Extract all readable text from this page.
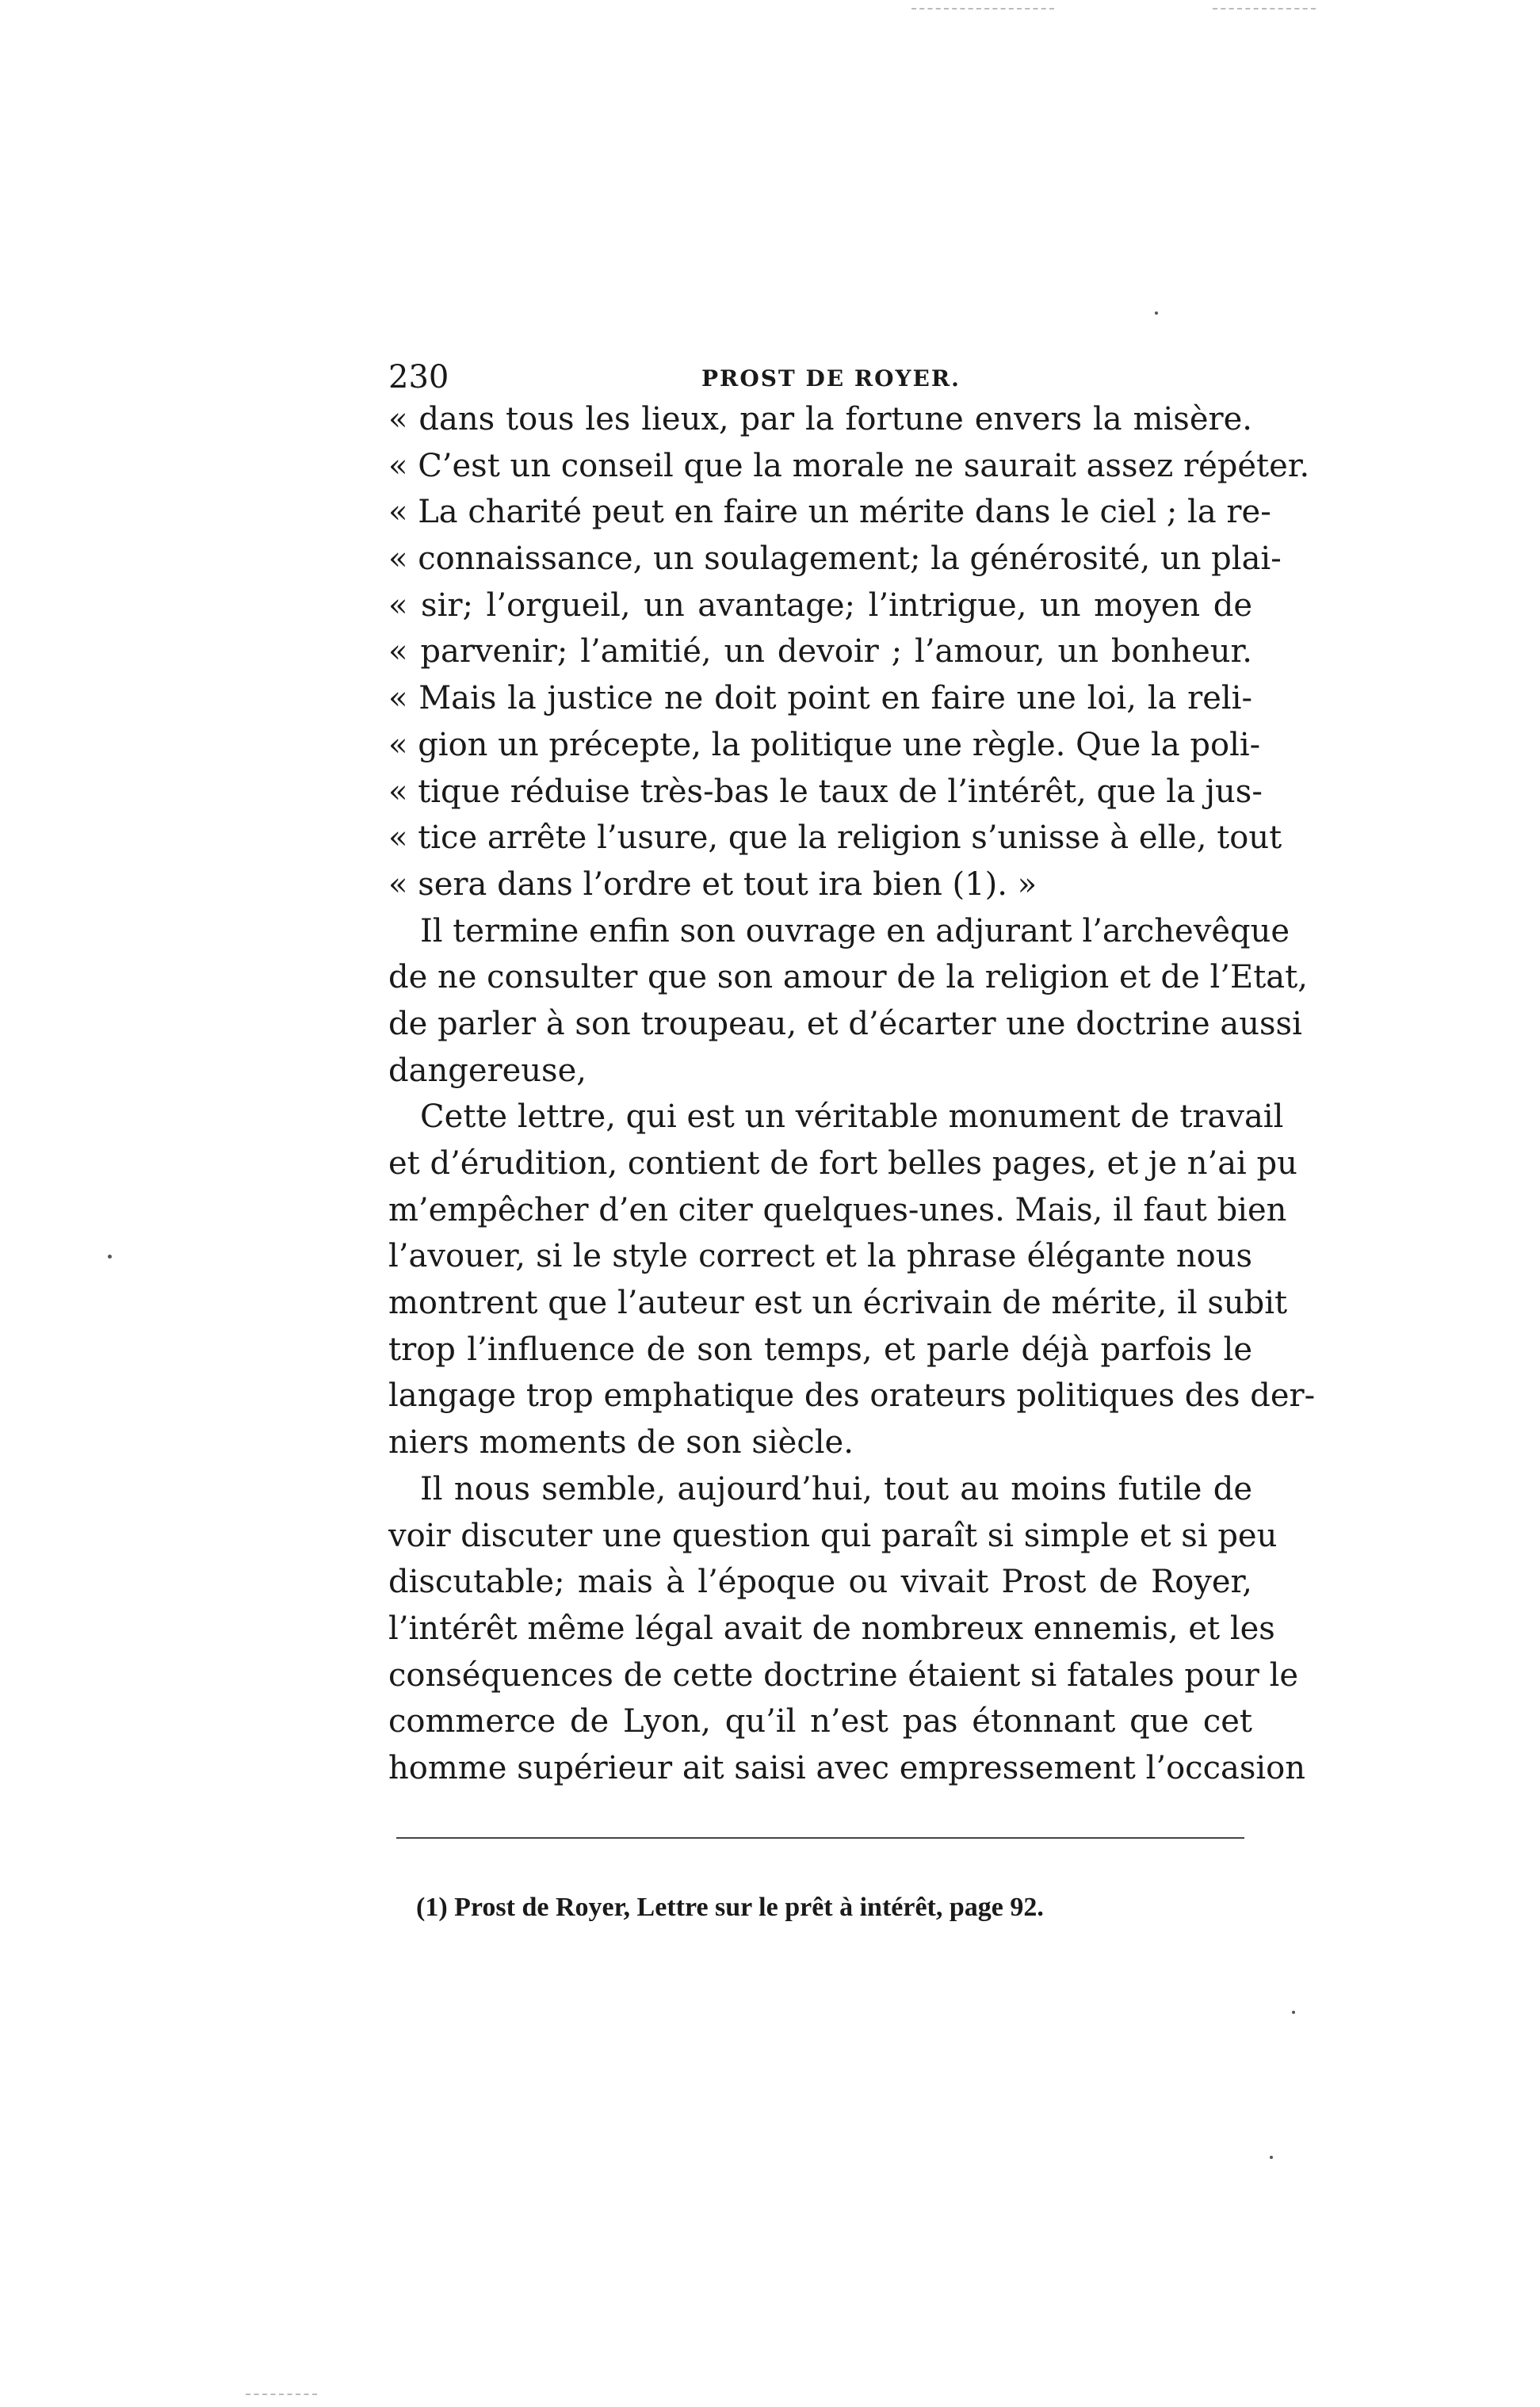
230	PROST DE ROYER.
« dans tous les lieux, par la fortune envers la misère.
« C’est un conseil que la morale ne saurait assez répéter.
« La charité peut en faire un mérite dans le ciel ; la re-
« connaissance, un soulagement; la générosité, un plai-
« sir; l’orgueil, un avantage; l’intrigue, un moyen de
« parvenir; l’amitié, un devoir ; l’amour, un bonheur.
« Mais la justice ne doit point en faire une loi, la reli-
« gion un précepte, la politique une règle. Que la poli-
« tique réduise très-bas le taux de l’intérêt, que la jus-
« tice arrête l’usure, que la religion s’unisse à elle, tout
« sera dans l’ordre et tout ira bien (1). »
Il termine enfin son ouvrage en adjurant l’archevêque
de ne consulter que son amour de la religion et de l’Etat,
de parler à son troupeau, et d’écarter une doctrine aussi
dangereuse,
Cette lettre, qui est un véritable monument de travail
et d’érudition, contient de fort belles pages, et je n’ai pu
m’empêcher d’en citer quelques-unes. Mais, il faut bien
l’avouer, si le style correct et la phrase élégante nous
montrent que l’auteur est un écrivain de mérite, il subit
trop l’influence de son temps, et parle déjà parfois le
langage trop emphatique des orateurs politiques des der-
niers moments de son siècle.
Il nous semble, aujourd’hui, tout au moins futile de
voir discuter une question qui paraît si simple et si peu
discutable; mais à l’époque ou vivait Prost de Royer,
l’intérêt même légal avait de nombreux ennemis, et les
conséquences de cette doctrine étaient si fatales pour le
commerce de Lyon, qu’il n’est pas étonnant que cet
homme supérieur ait saisi avec empressement l’occasion
(1) Prost de Royer, Lettre sur le prêt à intérêt, page 92.
